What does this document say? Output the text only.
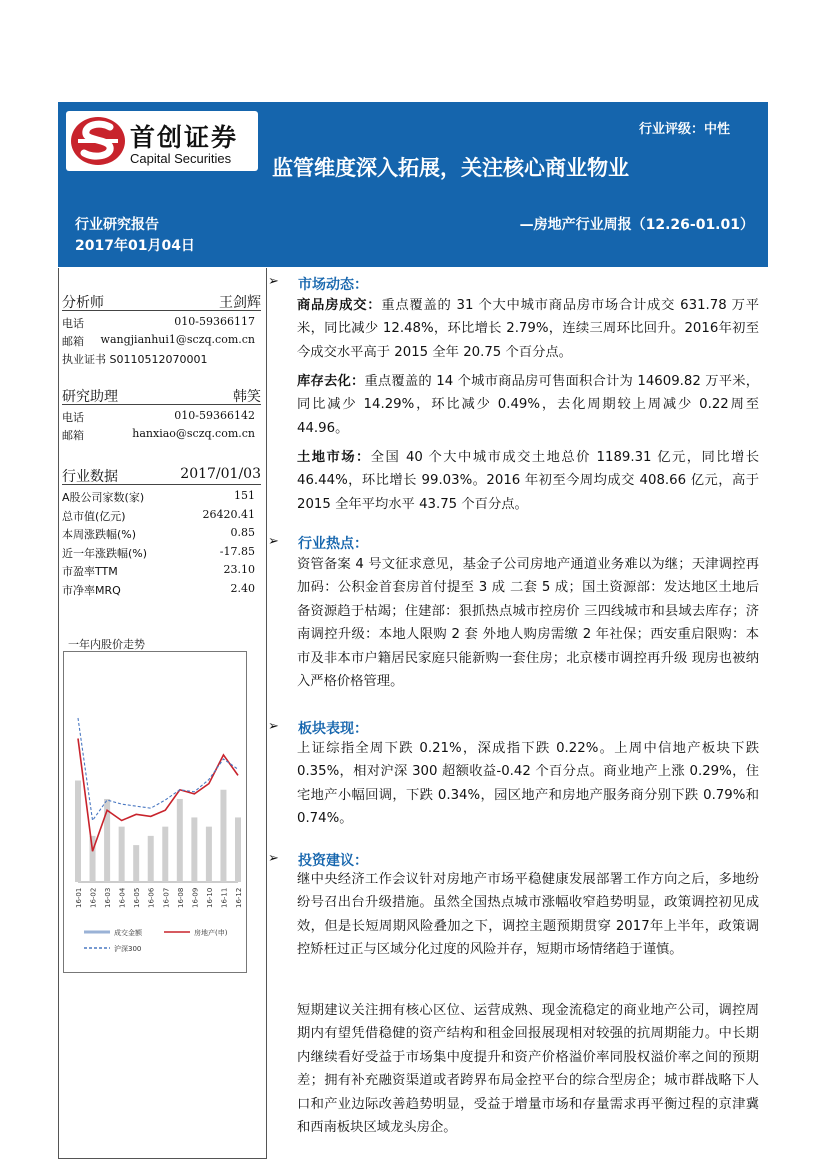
首创证券
Capital Securities
行业评级：中性
监管维度深入拓展，关注核心商业物业
行业研究报告
2017年01月04日
—房地产行业周报（12.26-01.01）
分析师	王剑辉
电话	010-59366117
邮箱 wangjianhui1@sczq.com.cn
执业证书 S0110512070001
研究助理	韩笑
电话	010-59366142
邮箱	hanxiao@sczq.com.cn
行业数据	2017/01/03
A股公司家数(家)	151
总市值(亿元)	26420.41
本周涨跌幅(%)	0.85
近一年涨跌幅(%)	-17.85
市盈率TTM	23.10
市净率MRQ	2.40
一年内股价走势
16-01 16-02 16-03 16-04 16-05 16-06 16-07 16-08 16-09 16-10 16-11 16-12
成交金额	房地产(申)
沪深300
➢ 市场动态：
商品房成交：重点覆盖的 31 个大中城市商品房市场合计成交 631.78 万平米，同比减少 12.48%，环比增长 2.79%，连续三周环比回升。2016年初至今成交水平高于 2015 全年 20.75 个百分点。
库存去化：重点覆盖的 14 个城市商品房可售面积合计为 14609.82 万平米，同比减少 14.29%，环比减少 0.49%，去化周期较上周减少 0.22周至 44.96。
土地市场：全国 40 个大中城市成交土地总价 1189.31 亿元，同比增长46.44%，环比增长 99.03%。2016 年初至今周均成交 408.66 亿元，高于 2015 全年平均水平 43.75 个百分点。
➢ 行业热点：
资管备案 4 号文征求意见，基金子公司房地产通道业务难以为继；天津调控再加码：公积金首套房首付提至 3 成 二套 5 成；国土资源部：发达地区土地后备资源趋于枯竭；住建部：狠抓热点城市控房价 三四线城市和县域去库存；济南调控升级：本地人限购 2 套 外地人购房需缴 2 年社保；西安重启限购：本市及非本市户籍居民家庭只能新购一套住房；北京楼市调控再升级 现房也被纳入严格价格管理。
➢ 板块表现：
上证综指全周下跌 0.21%，深成指下跌 0.22%。上周中信地产板块下跌 0.35%，相对沪深 300 超额收益-0.42 个百分点。商业地产上涨 0.29%，住宅地产小幅回调，下跌 0.34%，园区地产和房地产服务商分别下跌 0.79%和 0.74%。
➢ 投资建议：
继中央经济工作会议针对房地产市场平稳健康发展部署工作方向之后，多地纷纷号召出台升级措施。虽然全国热点城市涨幅收窄趋势明显，政策调控初见成效，但是长短周期风险叠加之下，调控主题预期贯穿 2017年上半年，政策调控矫枉过正与区域分化过度的风险并存，短期市场情绪趋于谨慎。
短期建议关注拥有核心区位、运营成熟、现金流稳定的商业地产公司，调控周期内有望凭借稳健的资产结构和租金回报展现相对较强的抗周期能力。中长期内继续看好受益于市场集中度提升和资产价格溢价率同股权溢价率之间的预期差；拥有补充融资渠道或者跨界布局金控平台的综合型房企；城市群战略下人口和产业边际改善趋势明显，受益于增量市场和存量需求再平衡过程的京津冀和西南板块区域龙头房企。
